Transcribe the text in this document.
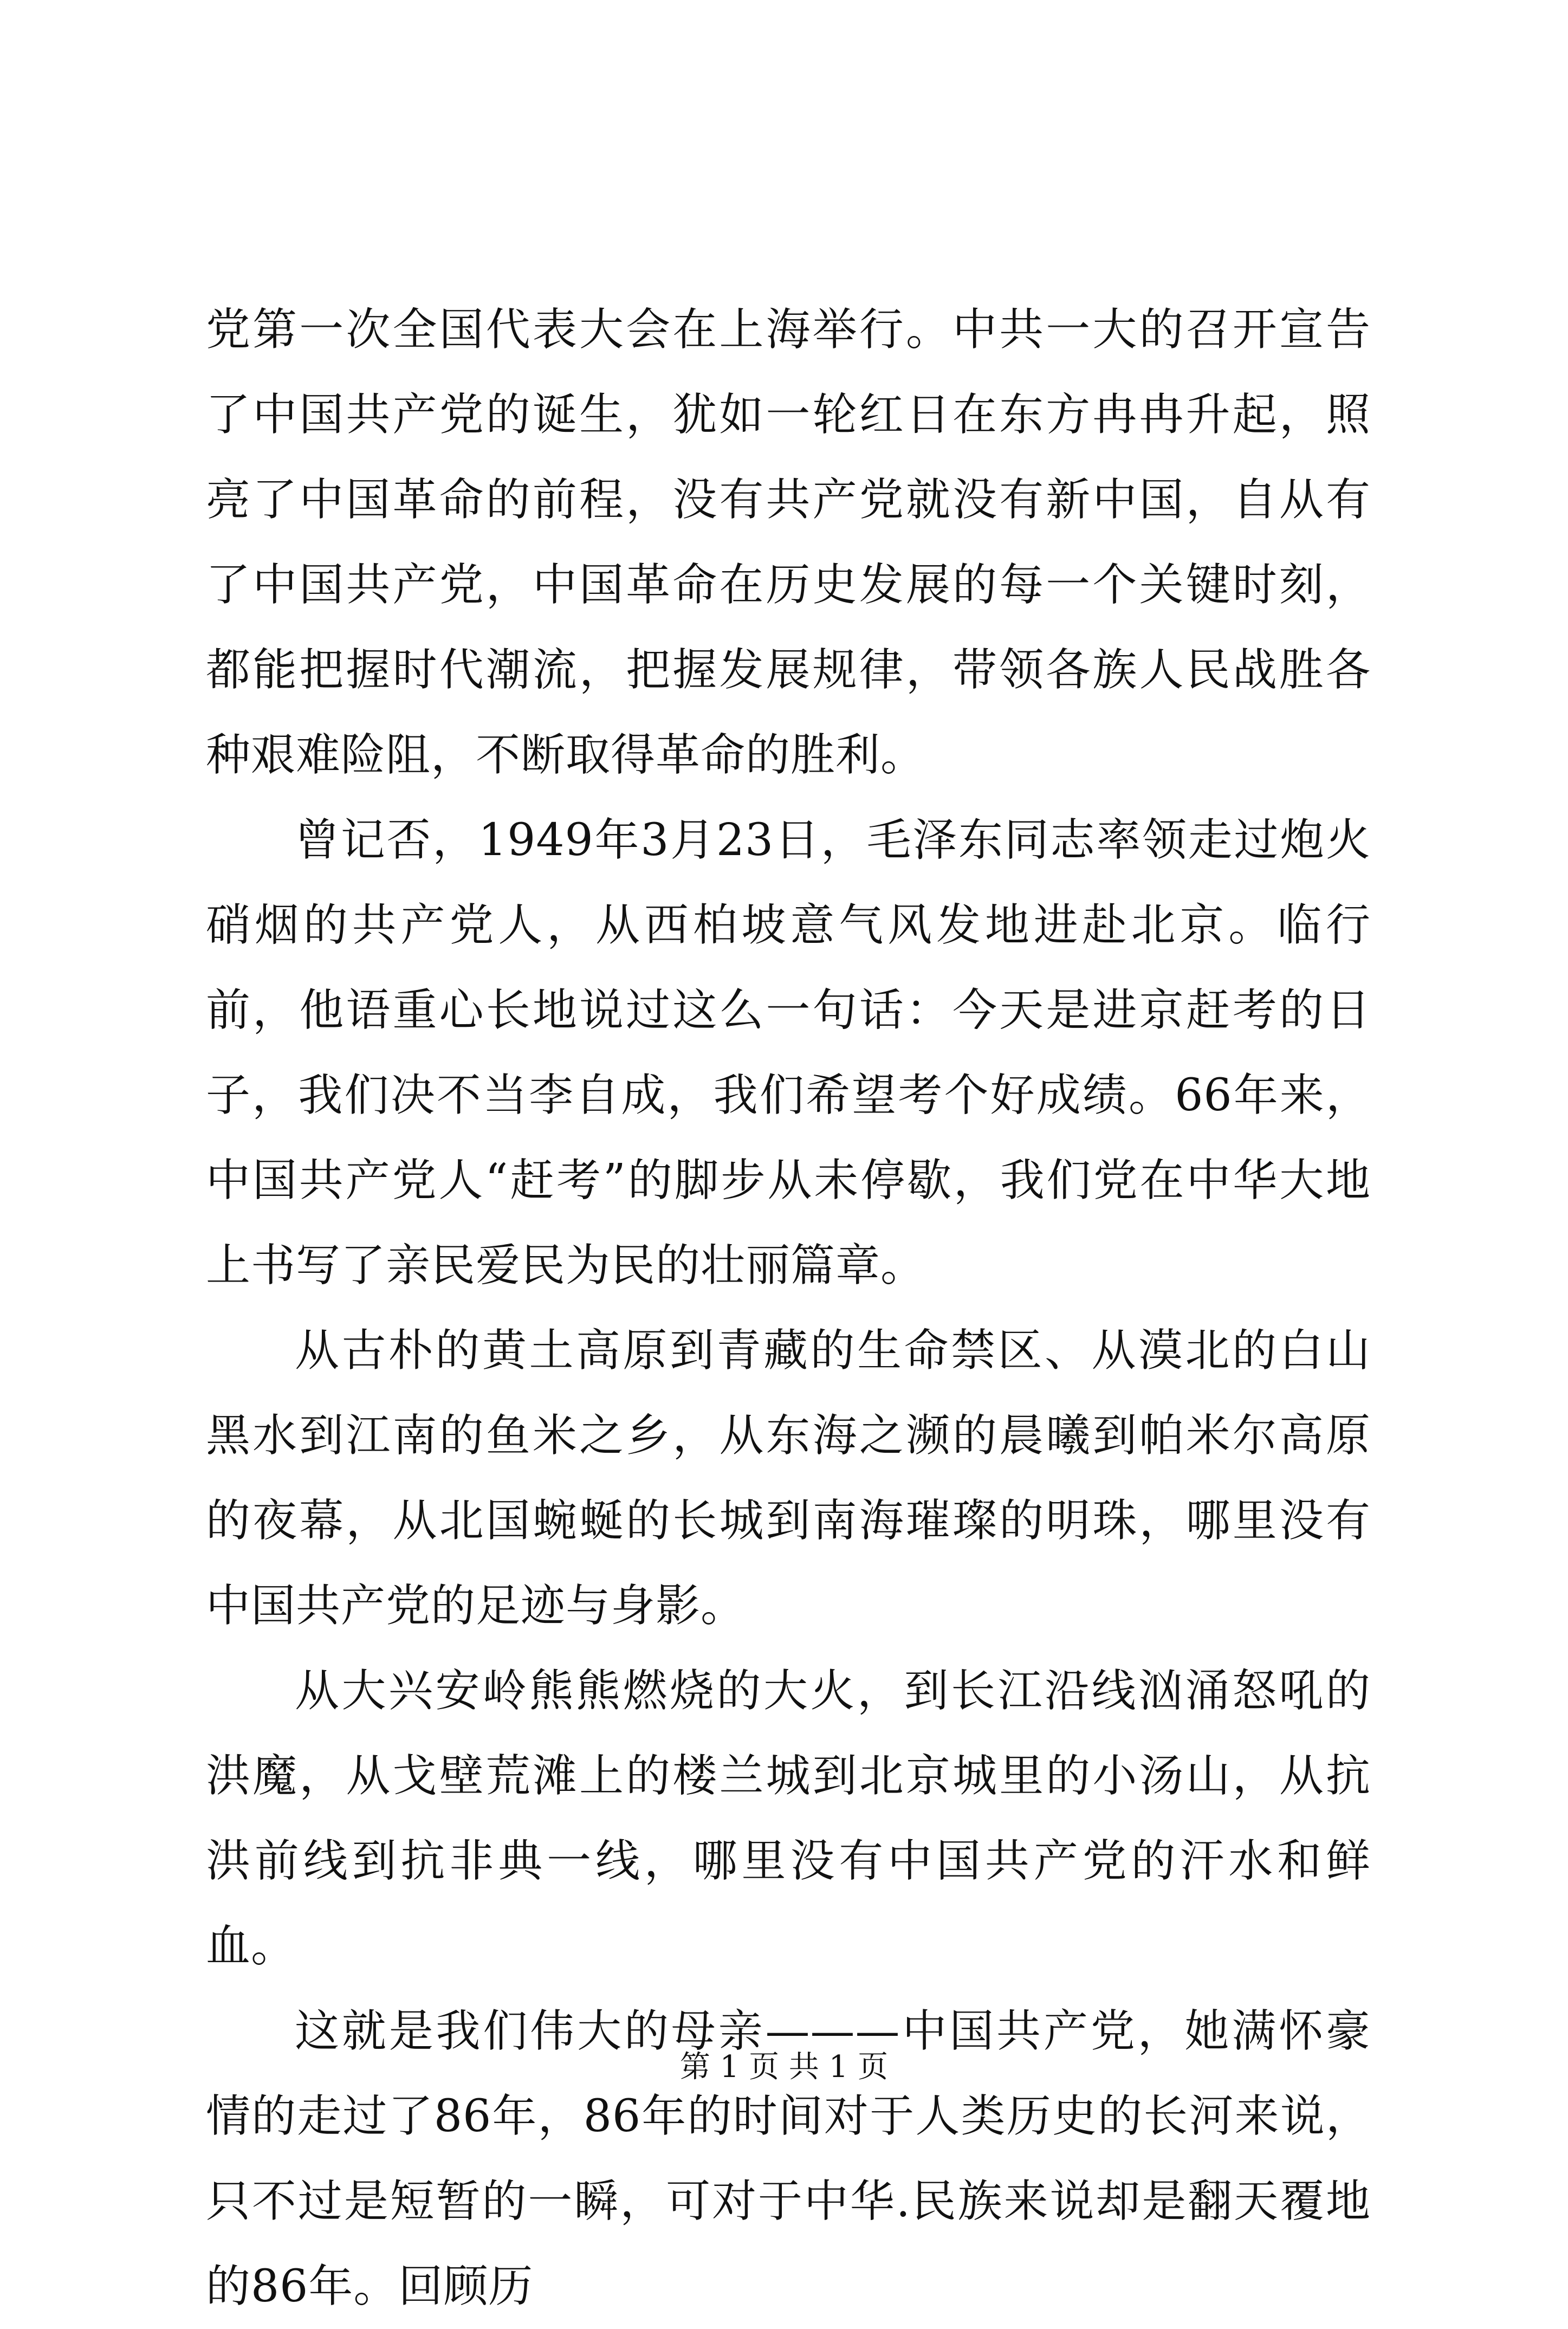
党第一次全国代表大会在上海举行。中共一大的召开宣告了中国共产党的诞生，犹如一轮红日在东方冉冉升起，照亮了中国革命的前程，没有共产党就没有新中国，自从有了中国共产党，中国革命在历史发展的每一个关键时刻，都能把握时代潮流，把握发展规律，带领各族人民战胜各种艰难险阻，不断取得革命的胜利。

曾记否，1949年3月23日，毛泽东同志率领走过炮火硝烟的共产党人，从西柏坡意气风发地进赴北京。临行前，他语重心长地说过这么一句话：今天是进京赶考的日子，我们决不当李自成，我们希望考个好成绩。66年来，中国共产党人“赶考”的脚步从未停歇，我们党在中华大地上书写了亲民爱民为民的壮丽篇章。

从古朴的黄土高原到青藏的生命禁区、从漠北的白山黑水到江南的鱼米之乡，从东海之濒的晨曦到帕米尔高原的夜幕，从北国蜿蜒的长城到南海璀璨的明珠，哪里没有中国共产党的足迹与身影。

从大兴安岭熊熊燃烧的大火，到长江沿线汹涌怒吼的洪魔，从戈壁荒滩上的楼兰城到北京城里的小汤山，从抗洪前线到抗非典一线，哪里没有中国共产党的汗水和鲜血。

这就是我们伟大的母亲———中国共产党，她满怀豪情的走过了86年，86年的时间对于人类历史的长河来说，只不过是短暂的一瞬，可对于中华.民族来说却是翻天覆地的86年。回顾历

第 1 页 共 1 页
